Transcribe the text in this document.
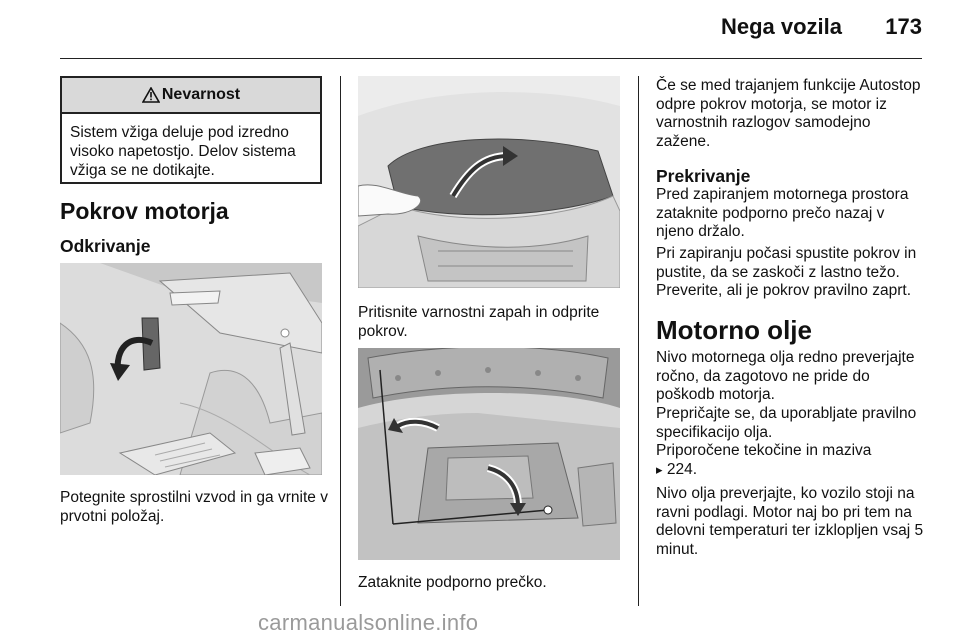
Nega vozila 173
Nevarnost
Sistem vžiga deluje pod izredno visoko napetostjo. Delov sistema vžiga se ne dotikajte.
Pokrov motorja
Odkrivanje
Potegnite sprostilni vzvod in ga vrnite v prvotni položaj.
Pritisnite varnostni zapah in odprite pokrov.
Zataknite podporno prečko.
Če se med trajanjem funkcije Autostop odpre pokrov motorja, se motor iz varnostnih razlogov samodejno zažene.
Prekrivanje
Pred zapiranjem motornega prostora zataknite podporno prečo nazaj v njeno držalo.
Pri zapiranju počasi spustite pokrov in pustite, da se zaskoči z lastno težo. Preverite, ali je pokrov pravilno zaprt.
Motorno olje
Nivo motornega olja redno preverjajte ročno, da zagotovo ne pride do poškodb motorja.
Prepričajte se, da uporabljate pravilno specifikacijo olja.
Priporočene tekočine in maziva
▸ 224.
Nivo olja preverjajte, ko vozilo stoji na ravni podlagi. Motor naj bo pri tem na delovni temperaturi ter izklopljen vsaj 5 minut.
carmanualsonline.info
